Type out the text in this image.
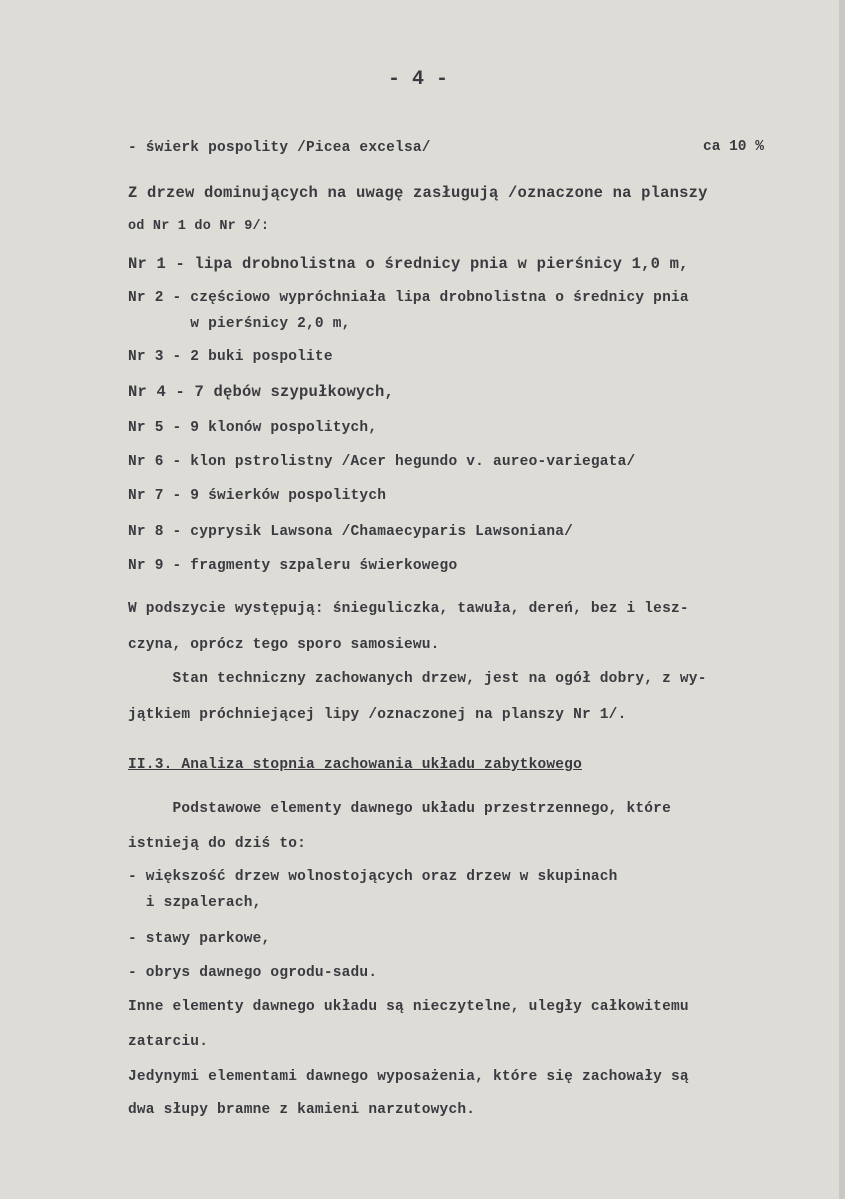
- 4 -
- świerk pospolity /Picea excelsa/	ca 10 %
Z drzew dominujących na uwagę zasługują /oznaczone na planszy
od Nr 1 do Nr 9/:
Nr 1 - lipa drobnolistna o średnicy pnia w pierśnicy 1,0 m,
Nr 2 - częściowo wypróchniała lipa drobnolistna o średnicy pnia
w pierśnicy 2,0 m,
Nr 3 - 2 buki pospolite
Nr 4 - 7 dębów szypułkowych,
Nr 5 - 9 klonów pospolitych,
Nr 6 - klon pstrolistny /Acer hegundo v. aureo-variegata/
Nr 7 - 9 świerków pospolitych
Nr 8 - cyprysik Lawsona /Chamaecyparis Lawsoniana/
Nr 9 - fragmenty szpaleru świerkowego
W podszycie występują: śnieguliczka, tawuła, dereń, bez i lesz-
czyna, oprócz tego sporo samosiewu.
Stan techniczny zachowanych drzew, jest na ogół dobry, z wy-
jątkiem próchniejącej lipy /oznaczonej na planszy Nr 1/.
II.3. Analiza stopnia zachowania układu zabytkowego
Podstawowe elementy dawnego układu przestrzennego, które
istnieją do dziś to:
- większość drzew wolnostojących oraz drzew w skupinach
i szpalerach,
- stawy parkowe,
- obrys dawnego ogrodu-sadu.
Inne elementy dawnego układu są nieczytelne, uległy całkowitemu
zatarciu.
Jedynymi elementami dawnego wyposażenia, które się zachowały są
dwa słupy bramne z kamieni narzutowych.
